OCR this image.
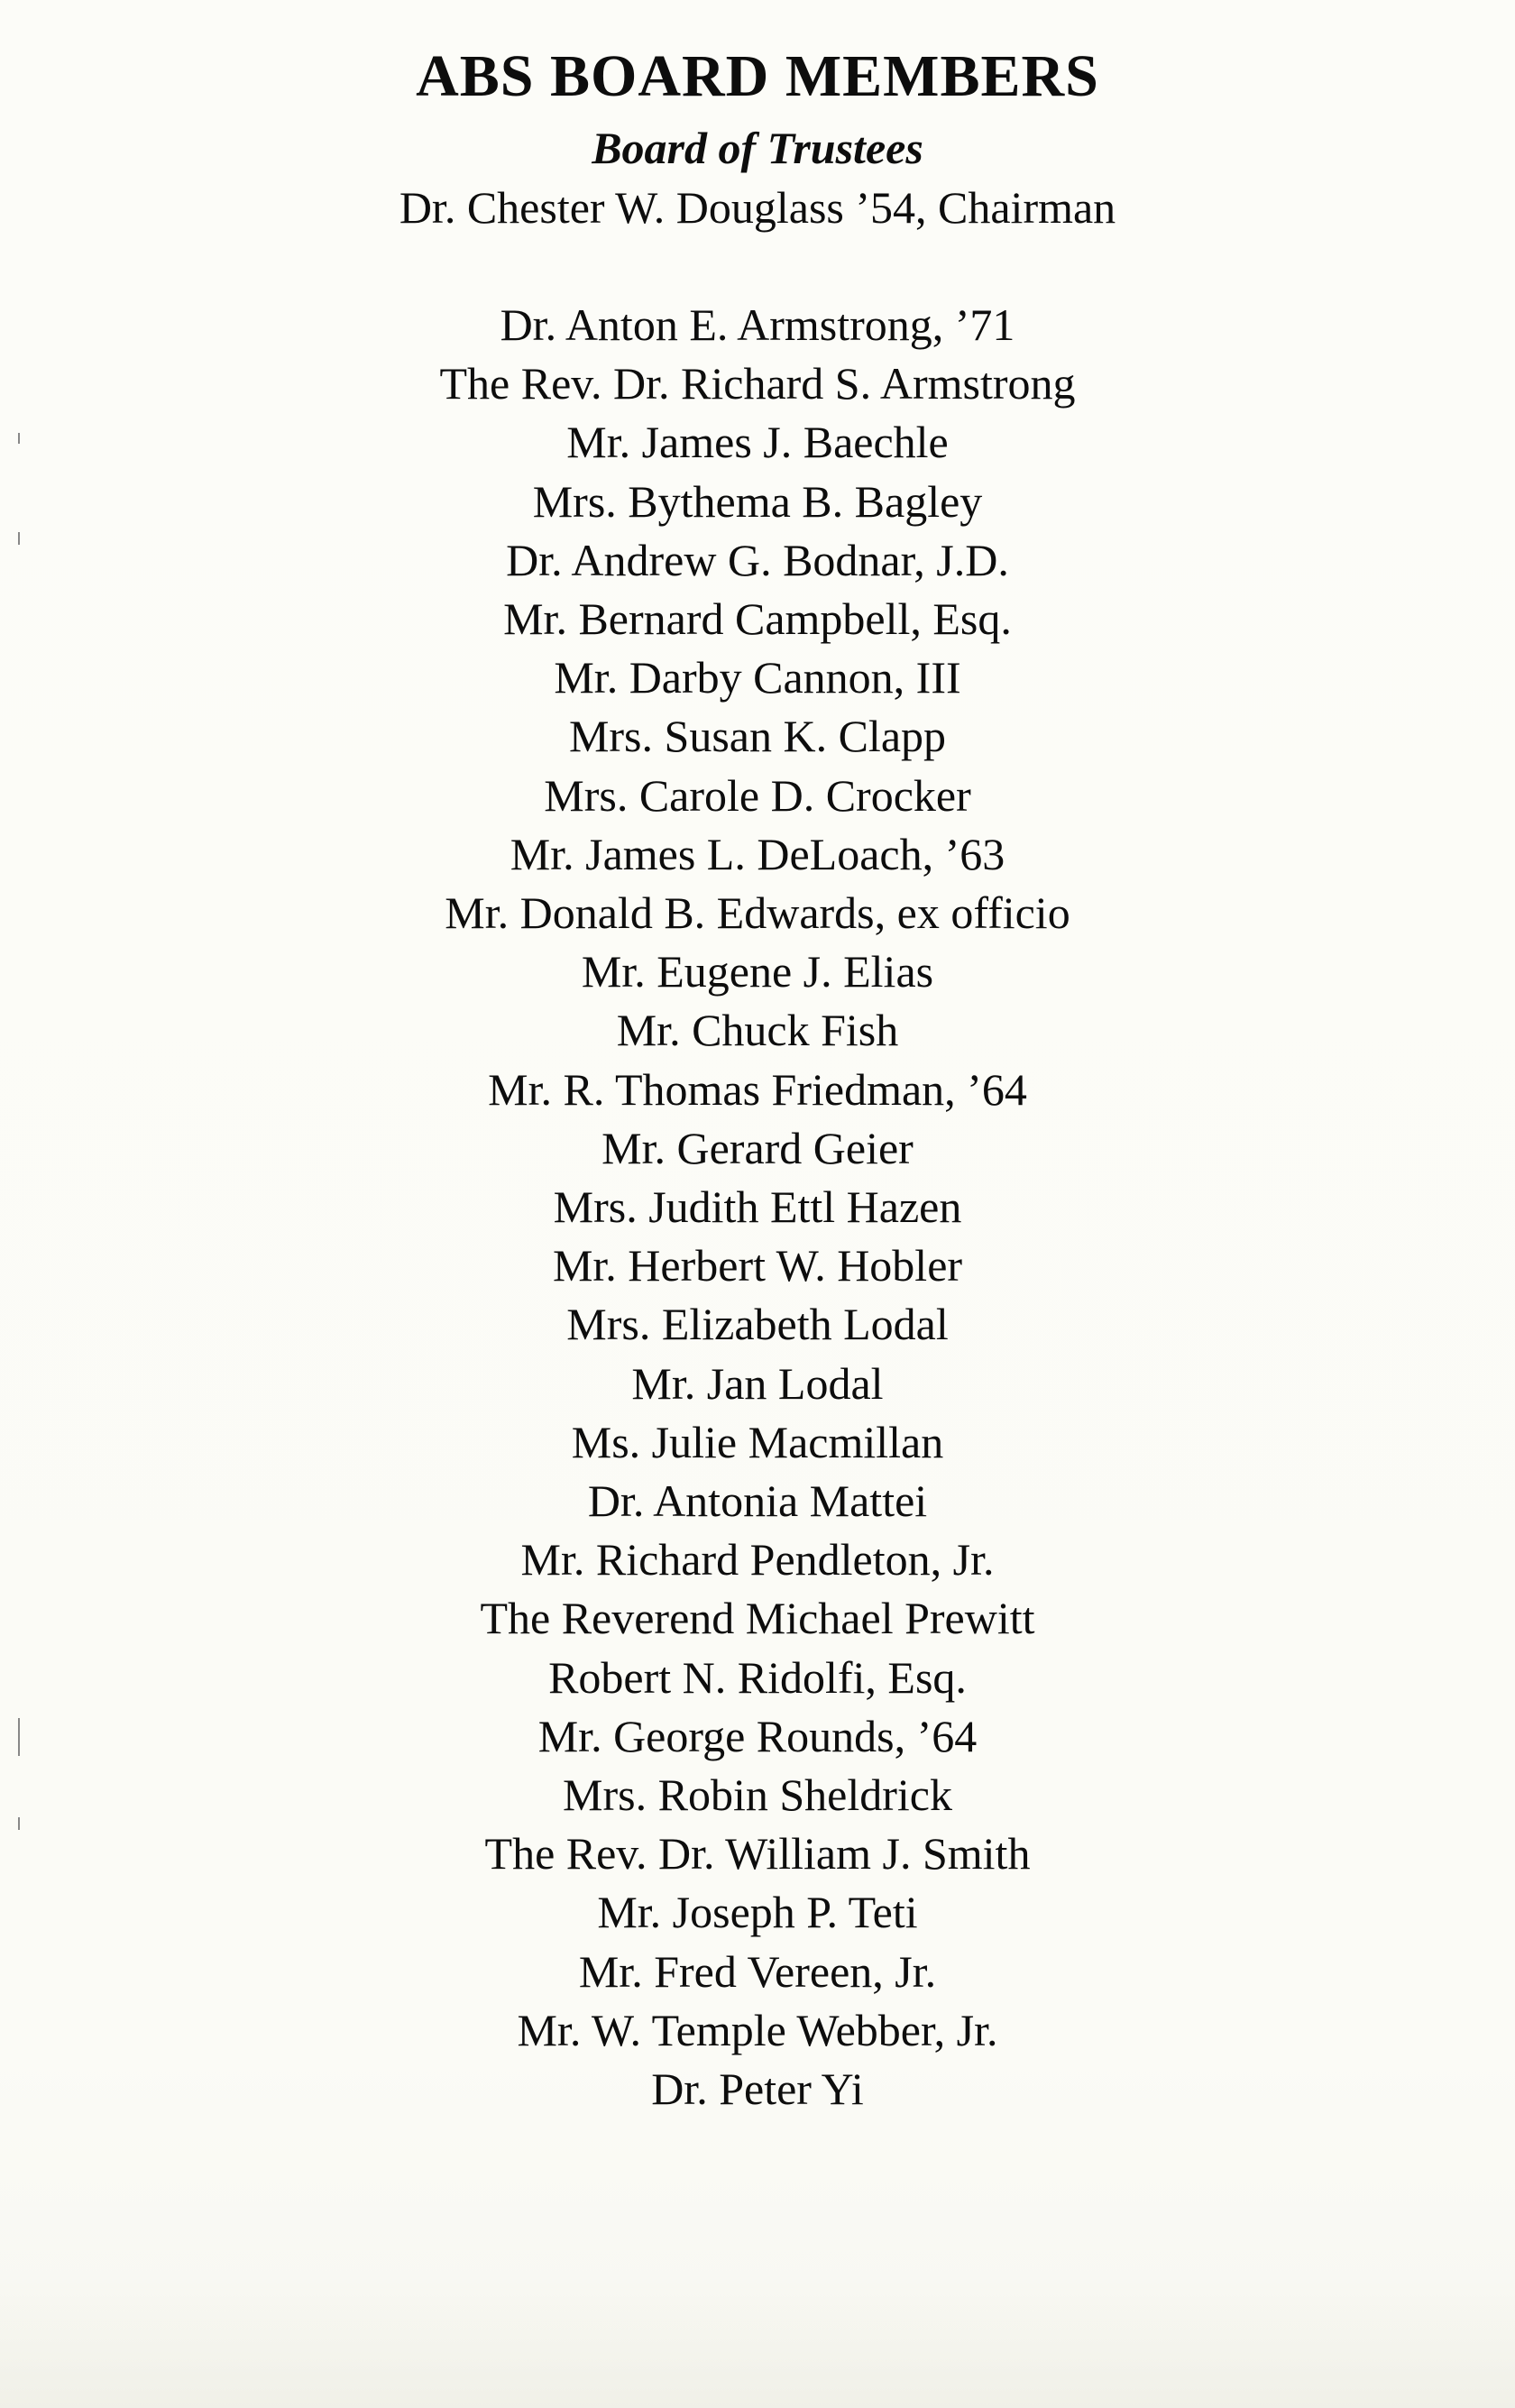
ABS BOARD MEMBERS
Board of Trustees

Dr. Chester W. Douglass ’54, Chairman

Dr. Anton E. Armstrong, ’71
The Rev. Dr. Richard S. Armstrong
Mr. James J. Baechle
Mrs. Bythema B. Bagley
Dr. Andrew G. Bodnar, J.D.
Mr. Bernard Campbell, Esq.
Mr. Darby Cannon, III
Mrs. Susan K. Clapp
Mrs. Carole D. Crocker
Mr. James L. DeLoach, ’63
Mr. Donald B. Edwards, ex officio
Mr. Eugene J. Elias
Mr. Chuck Fish
Mr. R. Thomas Friedman, ’64
Mr. Gerard Geier
Mrs. Judith Ettl Hazen
Mr. Herbert W. Hobler
Mrs. Elizabeth Lodal
Mr. Jan Lodal
Ms. Julie Macmillan
Dr. Antonia Mattei
Mr. Richard Pendleton, Jr.
The Reverend Michael Prewitt
Robert N. Ridolfi, Esq.
Mr. George Rounds, ’64
Mrs. Robin Sheldrick
The Rev. Dr. William J. Smith
Mr. Joseph P. Teti
Mr. Fred Vereen, Jr.
Mr. W. Temple Webber, Jr.
Dr. Peter Yi
